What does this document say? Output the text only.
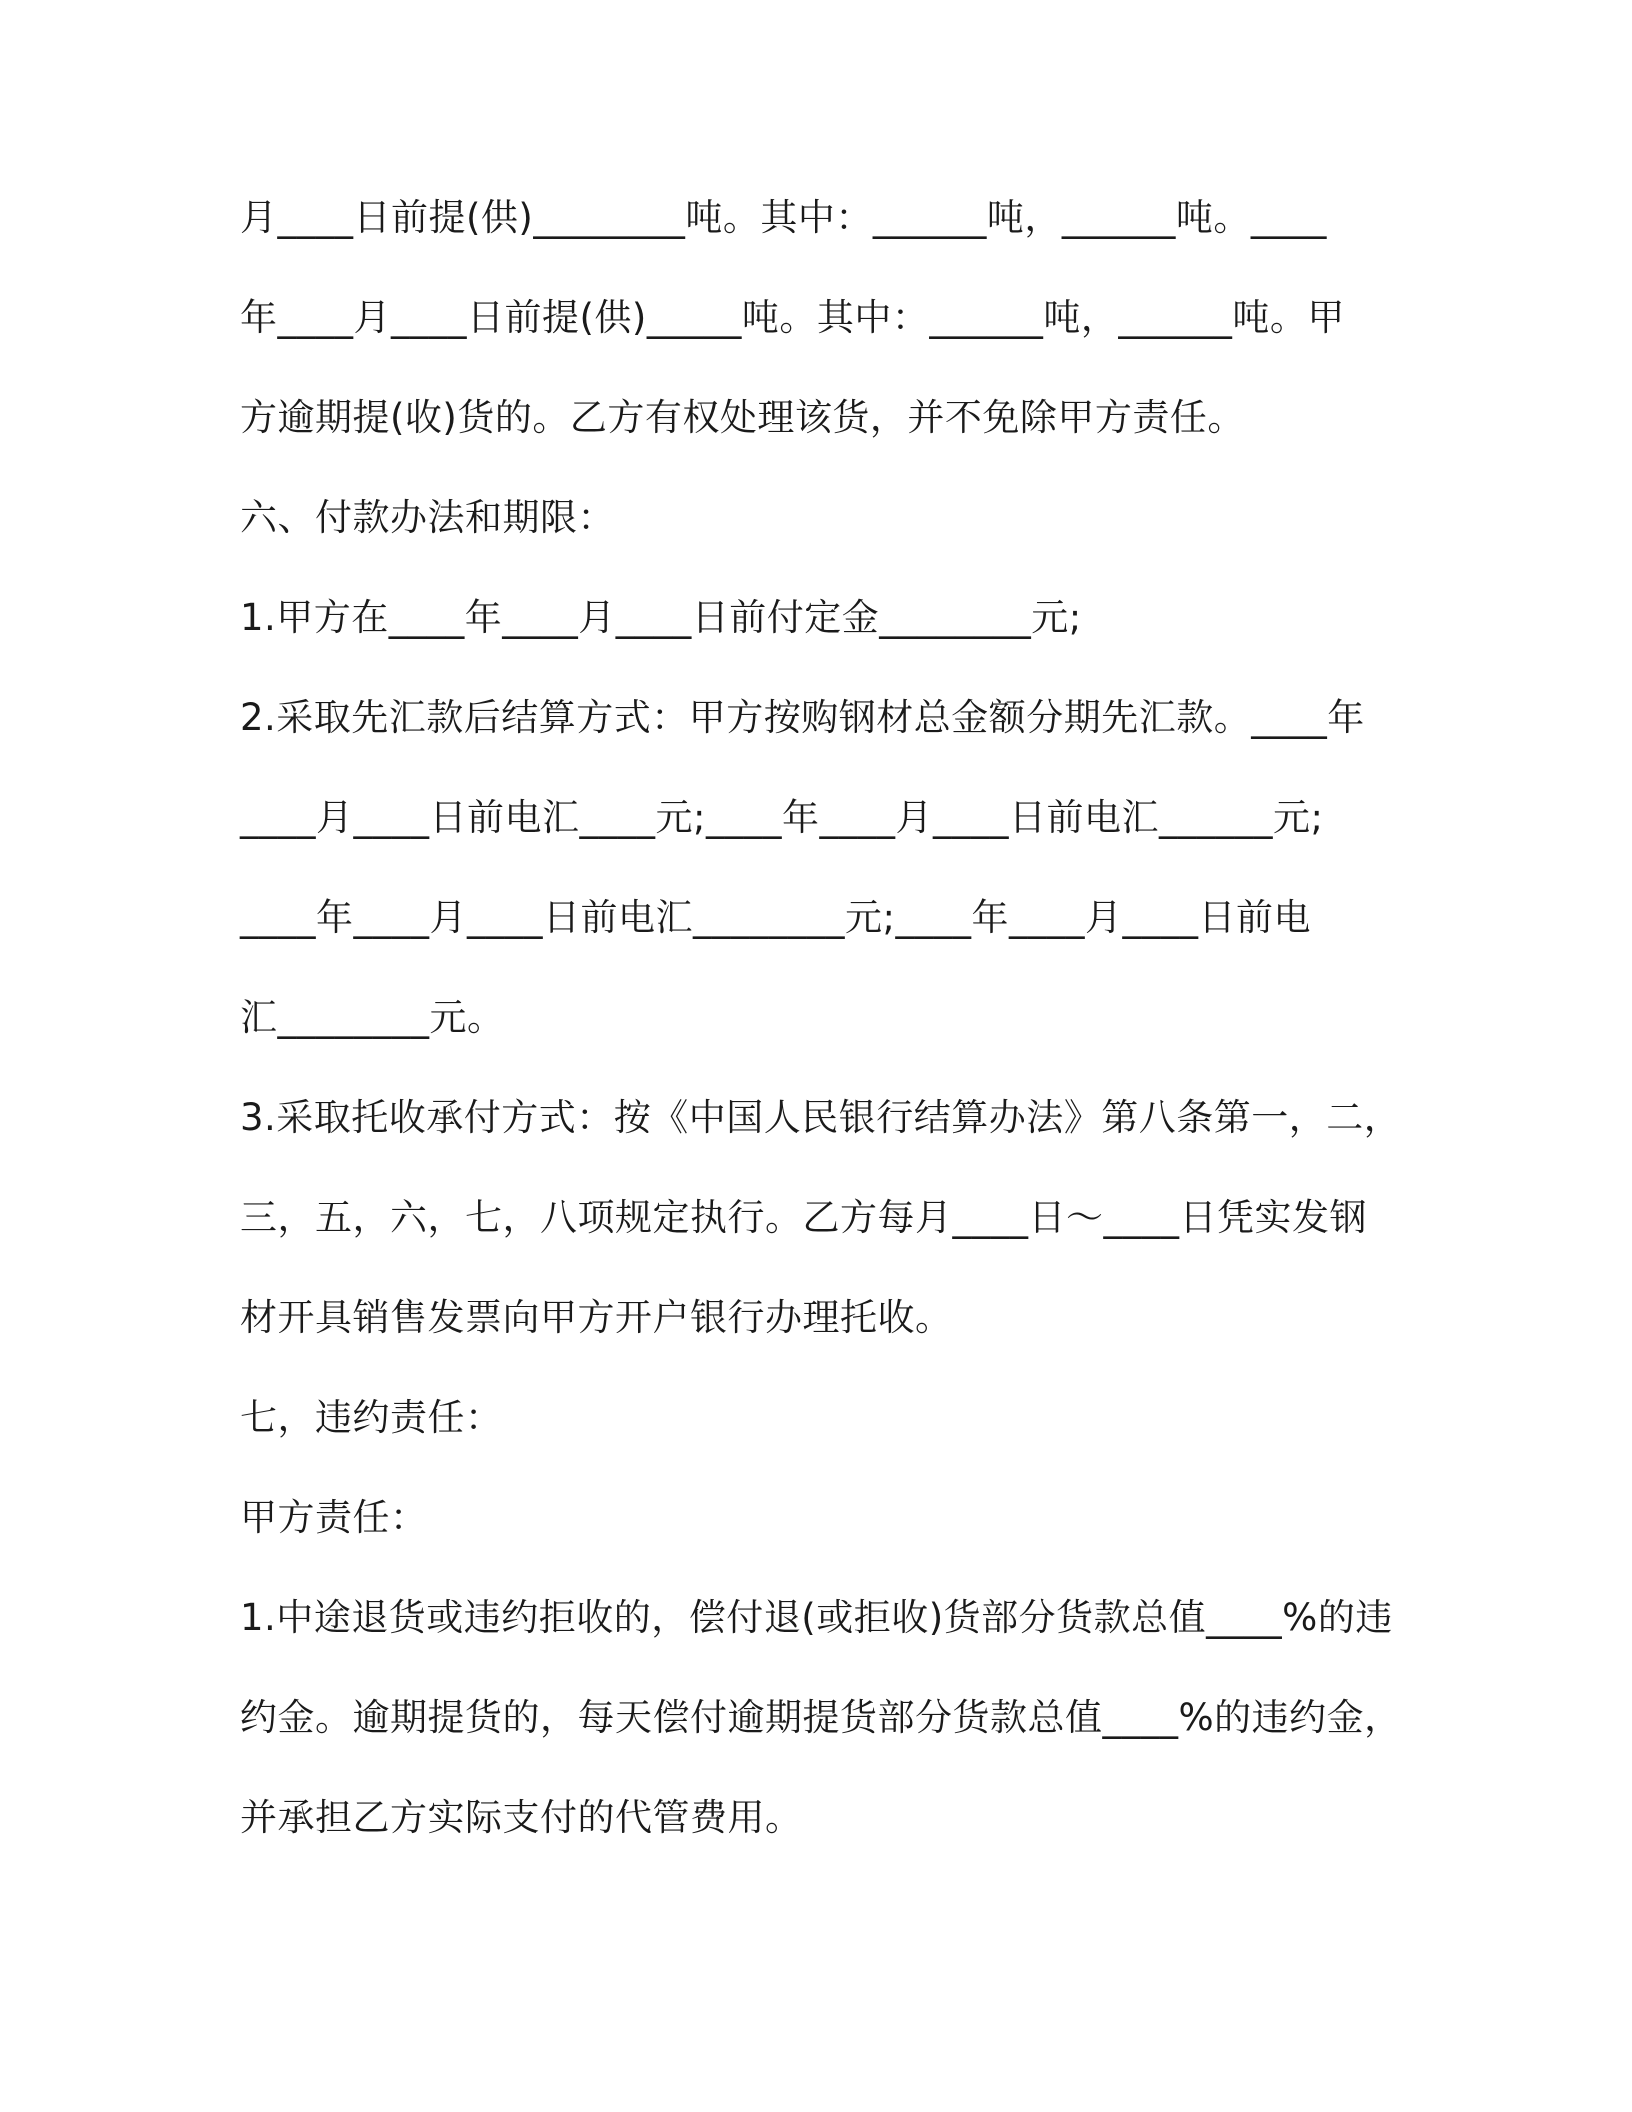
月____日前提(供)________吨。其中：______吨，______吨。____
年____月____日前提(供)_____吨。其中：______吨，______吨。甲
方逾期提(收)货的。乙方有权处理该货，并不免除甲方责任。
六、付款办法和期限：
1.甲方在____年____月____日前付定金________元;
2.采取先汇款后结算方式：甲方按购钢材总金额分期先汇款。____年
____月____日前电汇____元;____年____月____日前电汇______元;
____年____月____日前电汇________元;____年____月____日前电
汇________元。
3.采取托收承付方式：按《中国人民银行结算办法》第八条第一，二，
三，五，六，七，八项规定执行。乙方每月____日～____日凭实发钢
材开具销售发票向甲方开户银行办理托收。
七，违约责任：
甲方责任：
1.中途退货或违约拒收的，偿付退(或拒收)货部分货款总值____%的违
约金。逾期提货的，每天偿付逾期提货部分货款总值____%的违约金，
并承担乙方实际支付的代管费用。
